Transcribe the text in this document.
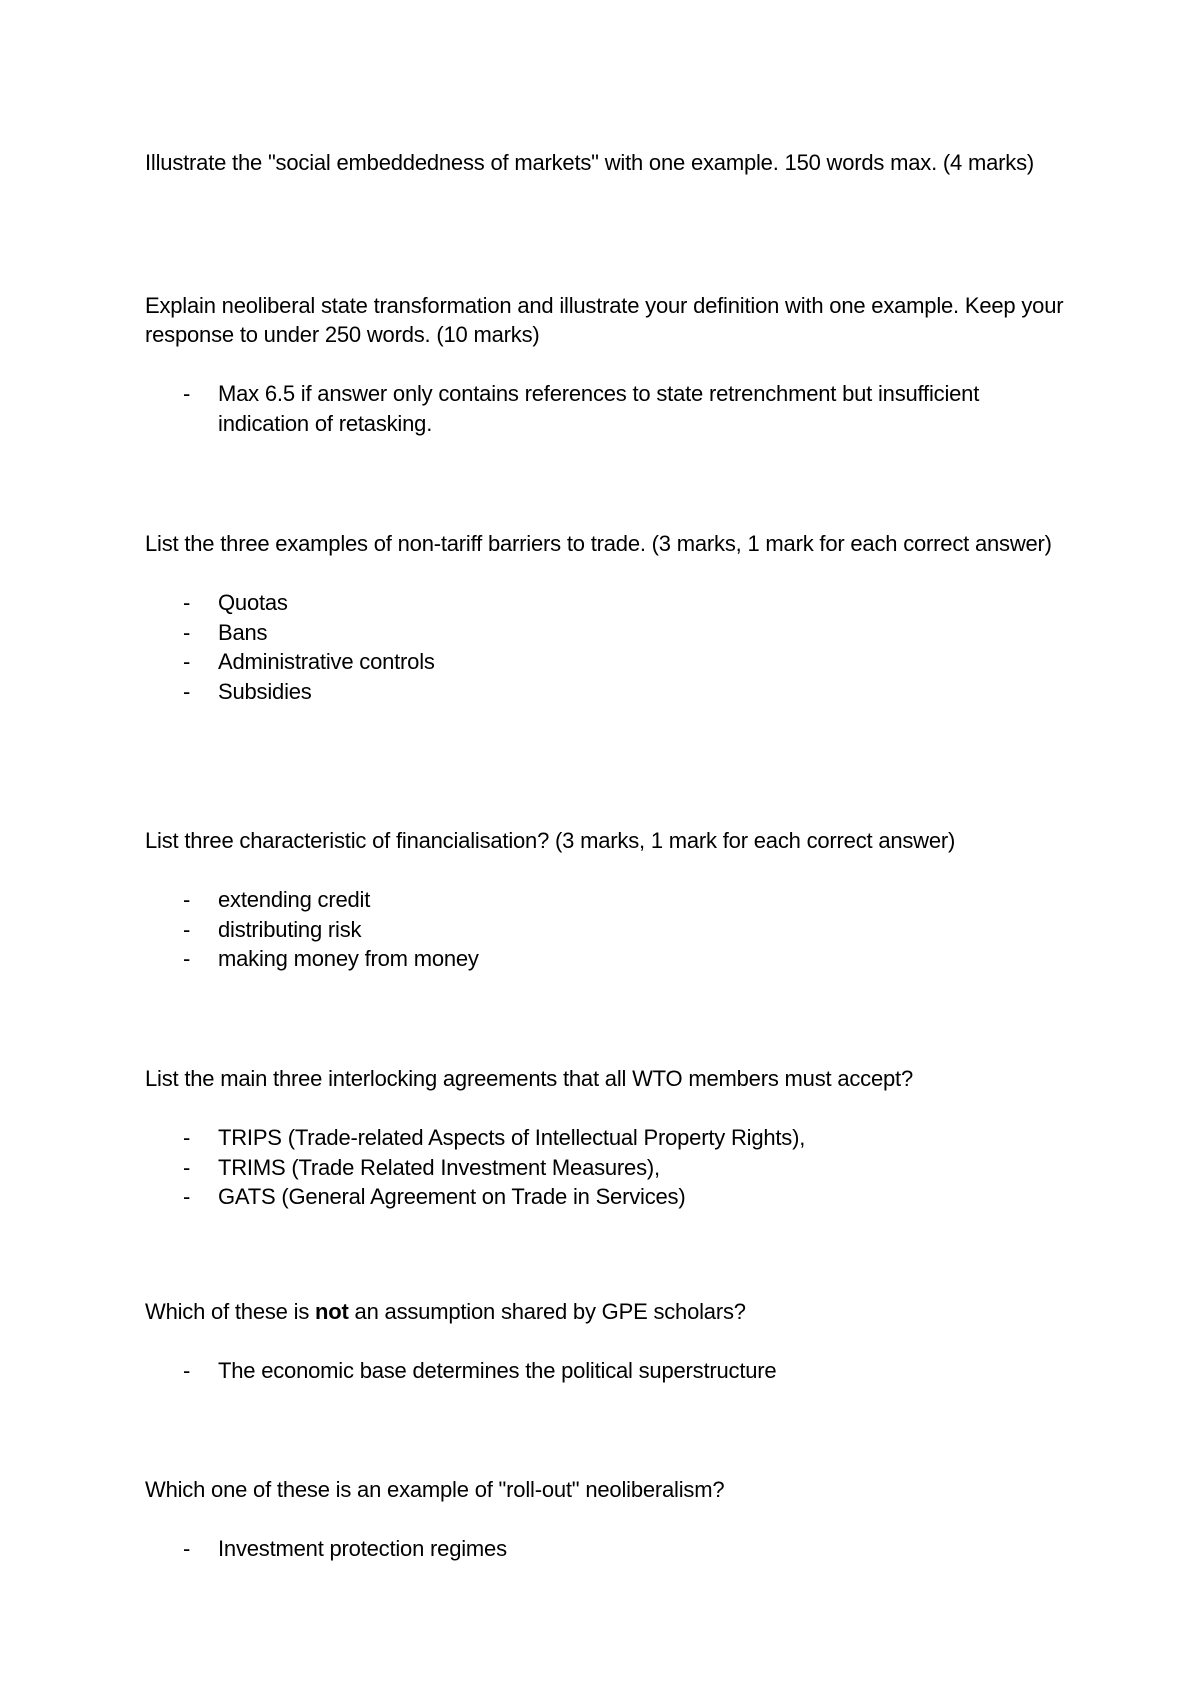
Illustrate the "social embeddedness of markets" with one example. 150 words max. (4 marks)

Explain neoliberal state transformation and illustrate your definition with one example. Keep your response to under 250 words. (10 marks)

- Max 6.5 if answer only contains references to state retrenchment but insufficient indication of retasking.

List the three examples of non-tariff barriers to trade. (3 marks, 1 mark for each correct answer)

- Quotas
- Bans
- Administrative controls
- Subsidies

List three characteristic of financialisation? (3 marks, 1 mark for each correct answer)

- extending credit
- distributing risk
- making money from money

List the main three interlocking agreements that all WTO members must accept?

- TRIPS (Trade-related Aspects of Intellectual Property Rights),
- TRIMS (Trade Related Investment Measures),
- GATS (General Agreement on Trade in Services)

Which of these is not an assumption shared by GPE scholars?

- The economic base determines the political superstructure

Which one of these is an example of "roll-out" neoliberalism?

- Investment protection regimes
